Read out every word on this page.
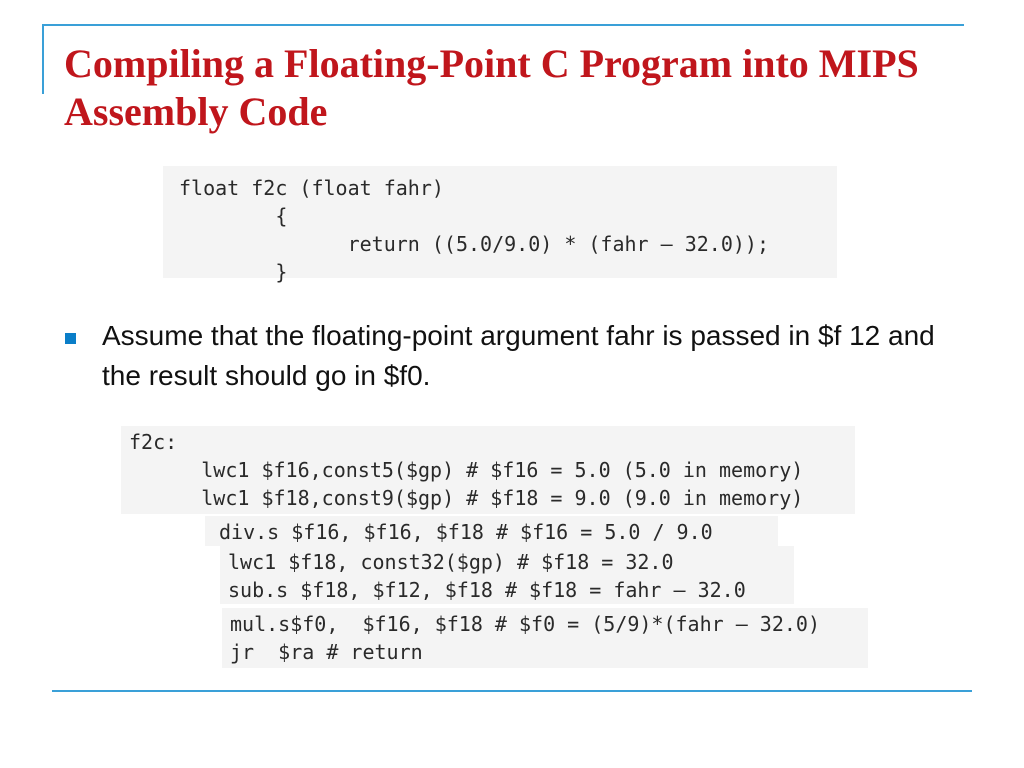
Compiling a Floating-Point C Program into MIPS Assembly Code
float f2c (float fahr)
{
return ((5.0/9.0) * (fahr – 32.0));
}

Assume that the floating-point argument fahr is passed in $f 12 and the result should go in $f0.

f2c:
lwc1 $f16,const5($gp) # $f16 = 5.0 (5.0 in memory)
lwc1 $f18,const9($gp) # $f18 = 9.0 (9.0 in memory)
div.s $f16, $f16, $f18 # $f16 = 5.0 / 9.0
lwc1 $f18, const32($gp) # $f18 = 32.0
sub.s $f18, $f12, $f18 # $f18 = fahr – 32.0
mul.s$f0,  $f16, $f18 # $f0 = (5/9)*(fahr – 32.0)
jr  $ra # return
